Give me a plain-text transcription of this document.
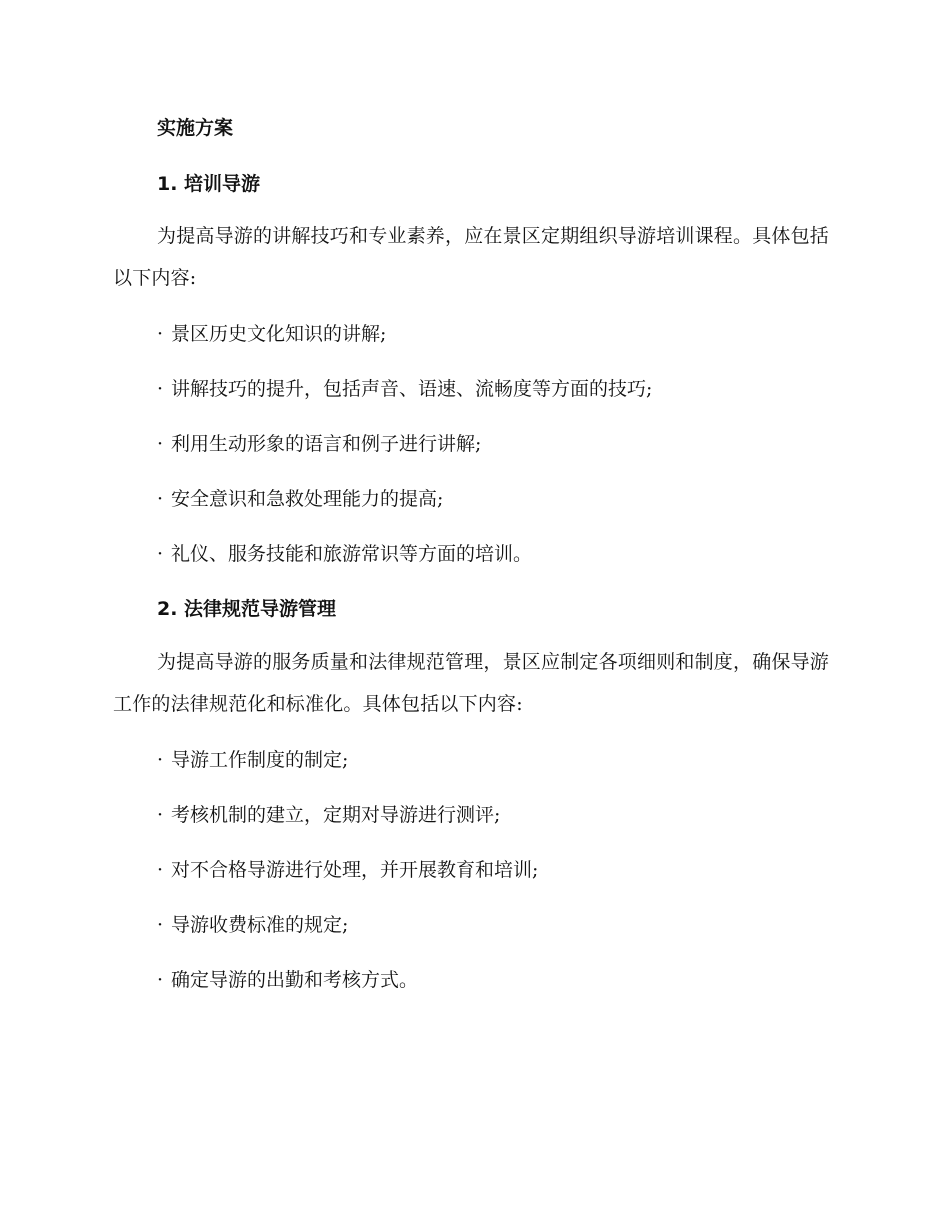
实施方案
1. 培训导游
为提高导游的讲解技巧和专业素养，应在景区定期组织导游培训课程。具体包括以下内容:
· 景区历史文化知识的讲解;
· 讲解技巧的提升，包括声音、语速、流畅度等方面的技巧;
· 利用生动形象的语言和例子进行讲解;
· 安全意识和急救处理能力的提高;
· 礼仪、服务技能和旅游常识等方面的培训。
2. 法律规范导游管理
为提高导游的服务质量和法律规范管理，景区应制定各项细则和制度，确保导游工作的法律规范化和标准化。具体包括以下内容:
· 导游工作制度的制定;
· 考核机制的建立，定期对导游进行测评;
· 对不合格导游进行处理，并开展教育和培训;
· 导游收费标准的规定;
· 确定导游的出勤和考核方式。
